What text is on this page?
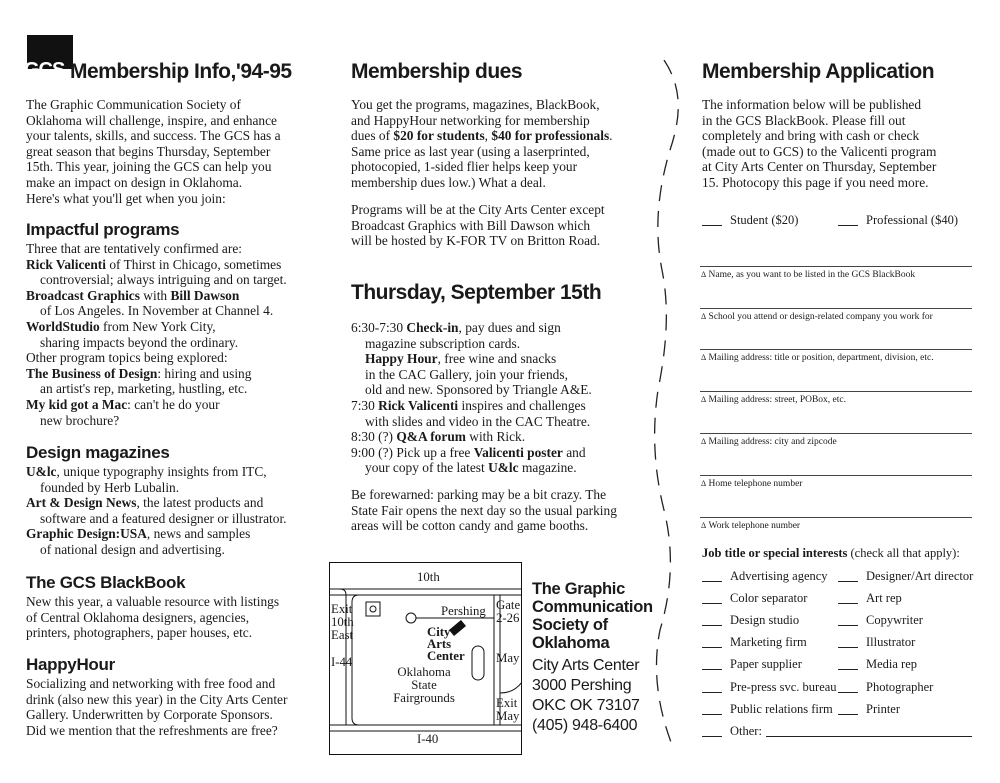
GCS Membership Info,'94-95

The Graphic Communication Society of

Oklahoma will challenge, inspire, and enhance

your talents, skills, and success. The GCS has a

great season that begins Thursday, September

15th. This year, joining the GCS can help you

make an impact on design in Oklahoma.

Here's what you'll get when you join:

Impactful programs

Three that are tentatively confirmed are:

Rick Valicenti of Thirst in Chicago, sometimes

controversial; always intriguing and on target.

Broadcast Graphics with Bill Dawson

of Los Angeles. In November at Channel 4.

WorldStudio from New York City,

sharing impacts beyond the ordinary.

Other program topics being explored:

The Business of Design: hiring and using

an artist's rep, marketing, hustling, etc.

My kid got a Mac: can't he do your

new brochure?

Design magazines

U&lc, unique typography insights from ITC,

founded by Herb Lubalin.

Art & Design News, the latest products and

software and a featured designer or illustrator.

Graphic Design:USA, news and samples

of national design and advertising.

The GCS BlackBook

New this year, a valuable resource with listings

of Central Oklahoma designers, agencies,

printers, photographers, paper houses, etc.

HappyHour

Socializing and networking with free food and

drink (also new this year) in the City Arts Center

Gallery. Underwritten by Corporate Sponsors.

Did we mention that the refreshments are free?

Membership dues

You get the programs, magazines, BlackBook,

and HappyHour networking for membership

dues of $20 for students, $40 for professionals.

Same price as last year (using a laserprinted,

photocopied, 1-sided flier helps keep your

membership dues low.) What a deal.

Programs will be at the City Arts Center except

Broadcast Graphics with Bill Dawson which

will be hosted by K-FOR TV on Britton Road.

Thursday, September 15th

6:30-7:30 Check-in, pay dues and sign

magazine subscription cards.

Happy Hour, free wine and snacks

in the CAC Gallery, join your friends,

old and new. Sponsored by Triangle A&E.

7:30 Rick Valicenti inspires and challenges

with slides and video in the CAC Theatre.

8:30 (?) Q&A forum with Rick.

9:00 (?) Pick up a free Valicenti poster and

your copy of the latest U&lc magazine.

Be forewarned: parking may be a bit crazy. The

State Fair opens the next day so the usual parking

areas will be cotton candy and game booths.

10th
I-40
Exit
10th
East
I-44
Pershing Gate
2-26
May
Exit
May
City
Arts
Center
Oklahoma
State
Fairgrounds
The Graphic
Communication
Society of
Oklahoma
City Arts Center
3000 Pershing
OKC OK 73107
(405) 948-6400
Membership Application

The information below will be published

in the GCS BlackBook. Please fill out

completely and bring with cash or check

(made out to GCS) to the Valicenti program

at City Arts Center on Thursday, September

15. Photocopy this page if you need more.

Student ($20)	Professional ($40)
Δ Name, as you want to be listed in the GCS BlackBook
Δ School you attend or design-related company you work for
Δ Mailing address: title or position, department, division, etc.
Δ Mailing address: street, POBox, etc.
Δ Mailing address: city and zipcode
Δ Home telephone number
Δ Work telephone number
Job title or special interests (check all that apply):
Advertising agency
Color separator
Design studio
Marketing firm
Paper supplier
Pre-press svc. bureau
Public relations firm
Designer/Art director
Art rep
Copywriter
Illustrator
Media rep
Photographer
Printer
Other:
